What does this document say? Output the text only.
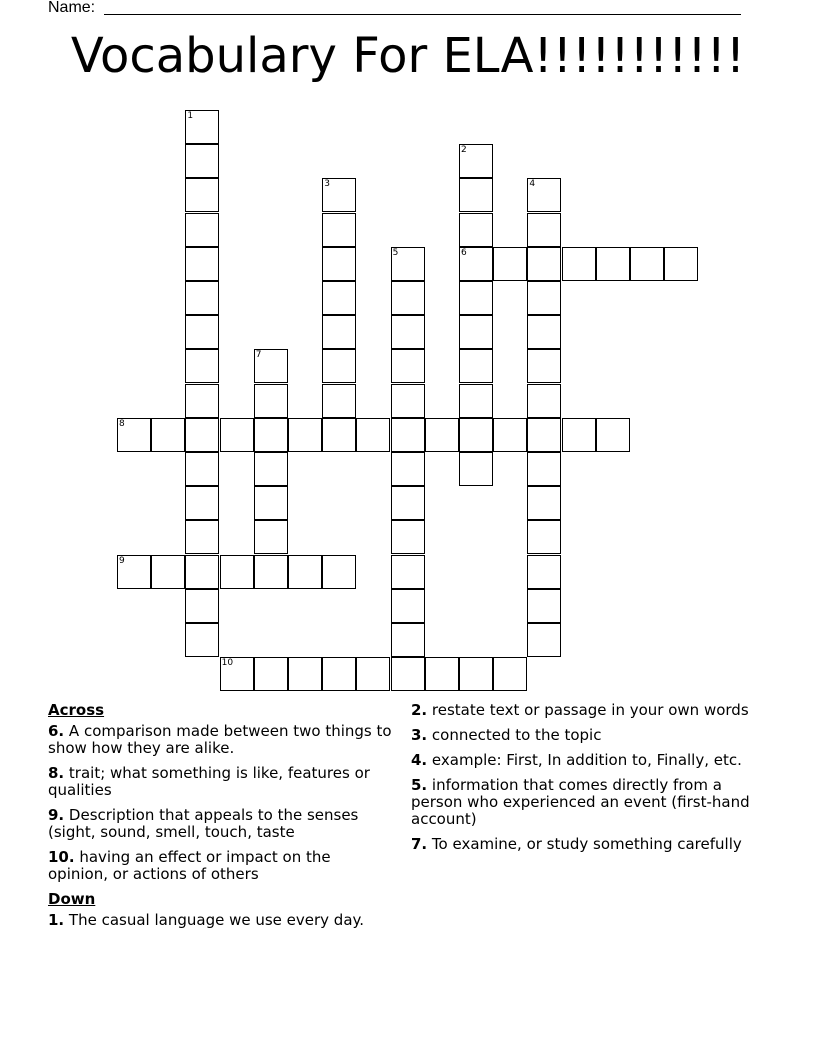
Name:
Vocabulary For ELA!!!!!!!!!!!
1
2
6
3	4
5
7
8
9
10
Across
6. A comparison made between two things to show how they are alike.
8. trait; what something is like, features or qualities
9. Description that appeals to the senses (sight, sound, smell, touch, taste
10. having an effect or impact on the opinion, or actions of others
Down
1. The casual language we use every day.
2. restate text or passage in your own words
3. connected to the topic
4. example: First, In addition to, Finally, etc.
5. information that comes directly from a person who experienced an event (first-hand account)
7. To examine, or study something carefully
